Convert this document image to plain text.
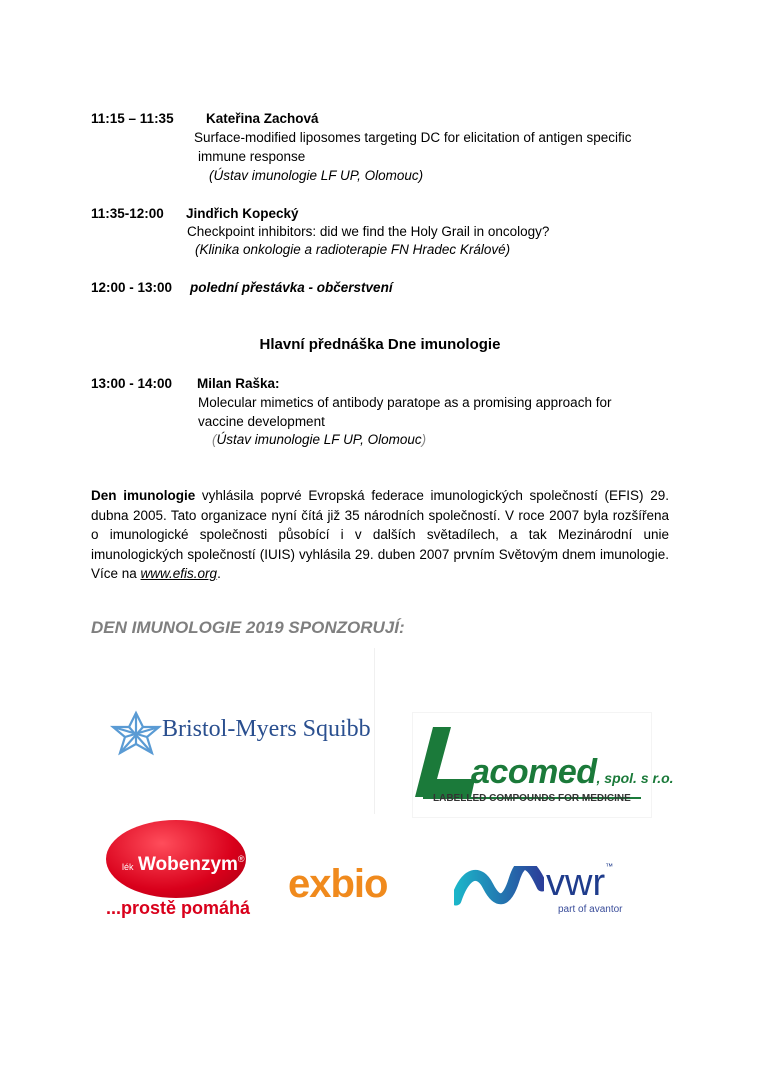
11:15 – 11:35 Kateřina Zachová
Surface-modified liposomes targeting DC for elicitation of antigen specific
immune response
(Ústav imunologie LF UP, Olomouc)
11:35-12:00 Jindřich Kopecký
Checkpoint inhibitors: did we find the Holy Grail in oncology?
(Klinika onkologie a radioterapie FN Hradec Králové)
12:00 - 13:00 polední přestávka - občerstvení
Hlavní přednáška Dne imunologie
13:00 - 14:00 Milan Raška:
Molecular mimetics of antibody paratope as a promising approach for
vaccine development
(Ústav imunologie LF UP, Olomouc)
Den imunologie vyhlásila poprvé Evropská federace imunologických společností (EFIS) 29. dubna 2005. Tato organizace nyní čítá již 35 národních společností. V roce 2007 byla rozšířena o imunologické společnosti působící i v dalších světadílech, a tak Mezinárodní unie imunologických společností (IUIS) vyhlásila 29. duben 2007 prvním Světovým dnem imunologie. Více na www.efis.org.
DEN IMUNOLOGIE 2019 SPONZORUJÍ:
Bristol-Myers Squibb
acomed, spol. s r.o.
LABELLED COMPOUNDS FOR MEDICINE
lék Wobenzym®
...prostě pomáhá
exbio	vwr™
part of avantor
